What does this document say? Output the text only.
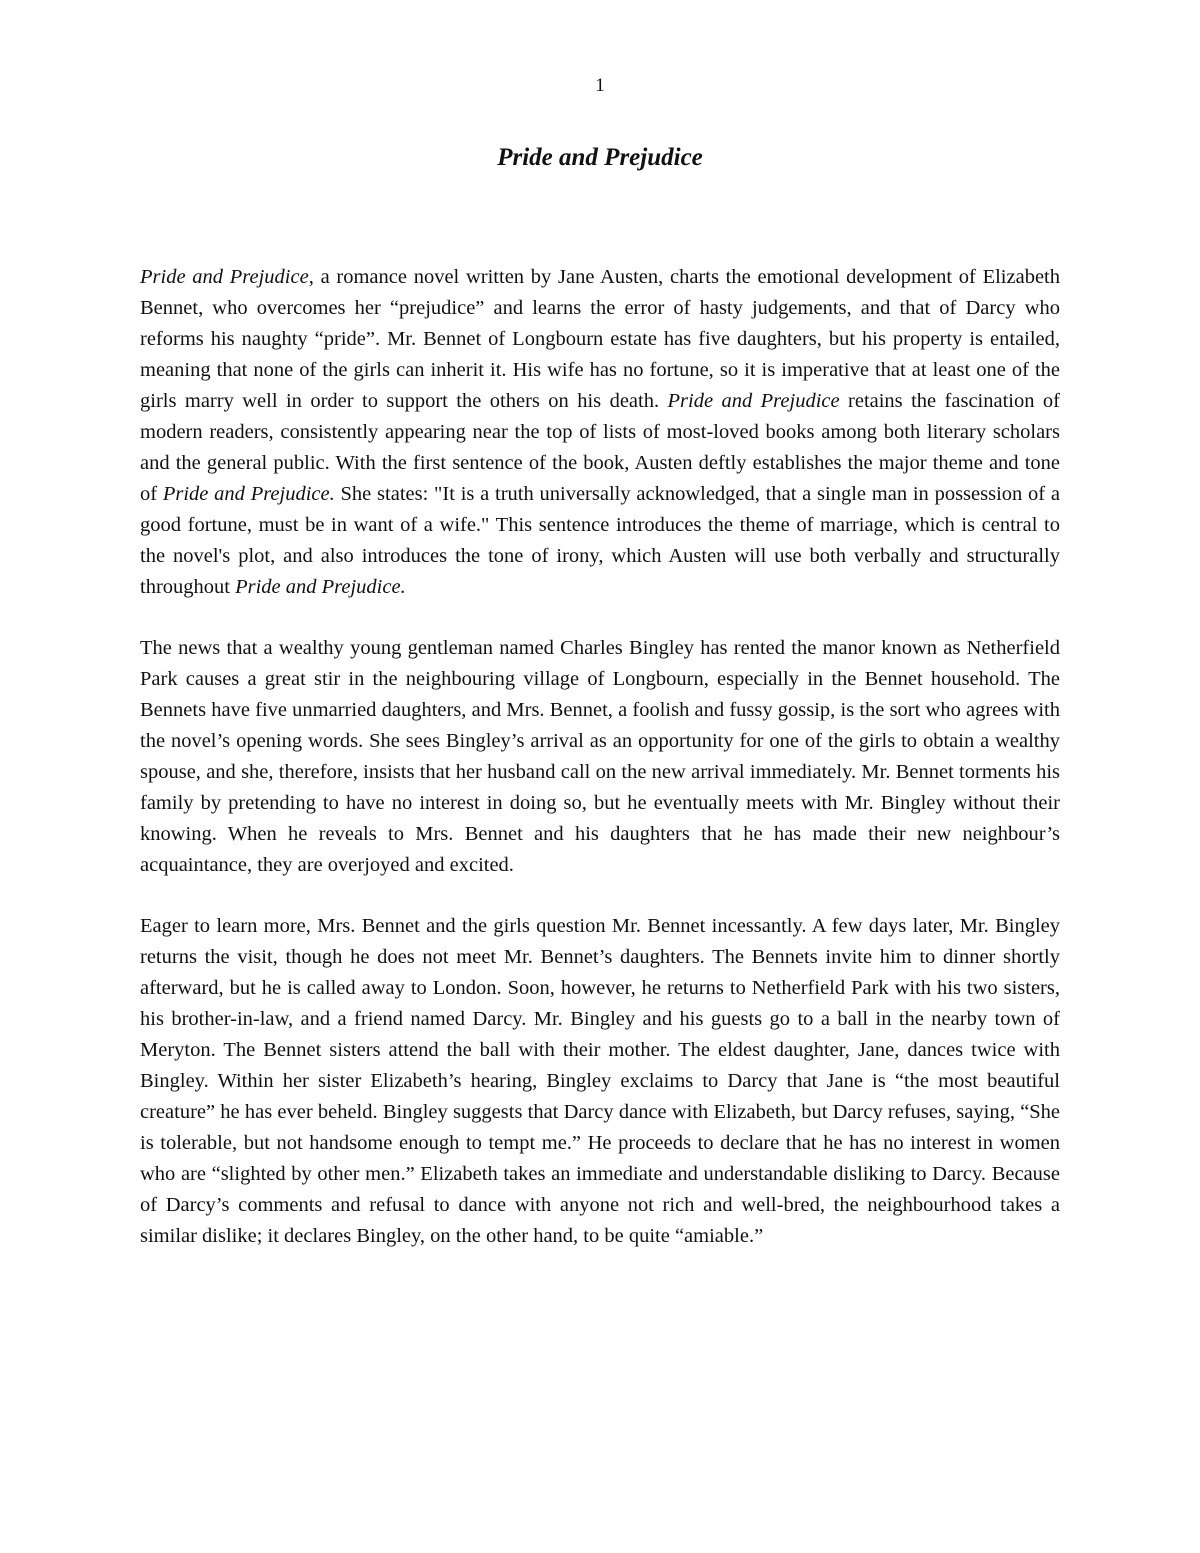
1
Pride and Prejudice

Pride and Prejudice, a romance novel written by Jane Austen, charts the emotional development of Elizabeth Bennet, who overcomes her “prejudice” and learns the error of hasty judgements, and that of Darcy who reforms his naughty “pride”. Mr. Bennet of Longbourn estate has five daughters, but his property is entailed, meaning that none of the girls can inherit it. His wife has no fortune, so it is imperative that at least one of the girls marry well in order to support the others on his death. Pride and Prejudice retains the fascination of modern readers, consistently appearing near the top of lists of most-loved books among both literary scholars and the general public. With the first sentence of the book, Austen deftly establishes the major theme and tone of Pride and Prejudice. She states: "It is a truth universally acknowledged, that a single man in possession of a good fortune, must be in want of a wife." This sentence introduces the theme of marriage, which is central to the novel's plot, and also introduces the tone of irony, which Austen will use both verbally and structurally throughout Pride and Prejudice.

The news that a wealthy young gentleman named Charles Bingley has rented the manor known as Netherfield Park causes a great stir in the neighbouring village of Longbourn, especially in the Bennet household. The Bennets have five unmarried daughters, and Mrs. Bennet, a foolish and fussy gossip, is the sort who agrees with the novel’s opening words. She sees Bingley’s arrival as an opportunity for one of the girls to obtain a wealthy spouse, and she, therefore, insists that her husband call on the new arrival immediately. Mr. Bennet torments his family by pretending to have no interest in doing so, but he eventually meets with Mr. Bingley without their knowing. When he reveals to Mrs. Bennet and his daughters that he has made their new neighbour’s acquaintance, they are overjoyed and excited.

Eager to learn more, Mrs. Bennet and the girls question Mr. Bennet incessantly. A few days later, Mr. Bingley returns the visit, though he does not meet Mr. Bennet’s daughters. The Bennets invite him to dinner shortly afterward, but he is called away to London. Soon, however, he returns to Netherfield Park with his two sisters, his brother-in-law, and a friend named Darcy. Mr. Bingley and his guests go to a ball in the nearby town of Meryton. The Bennet sisters attend the ball with their mother. The eldest daughter, Jane, dances twice with Bingley. Within her sister Elizabeth’s hearing, Bingley exclaims to Darcy that Jane is “the most beautiful creature” he has ever beheld. Bingley suggests that Darcy dance with Elizabeth, but Darcy refuses, saying, “She is tolerable, but not handsome enough to tempt me.” He proceeds to declare that he has no interest in women who are “slighted by other men.” Elizabeth takes an immediate and understandable disliking to Darcy. Because of Darcy’s comments and refusal to dance with anyone not rich and well-bred, the neighbourhood takes a similar dislike; it declares Bingley, on the other hand, to be quite “amiable.”
